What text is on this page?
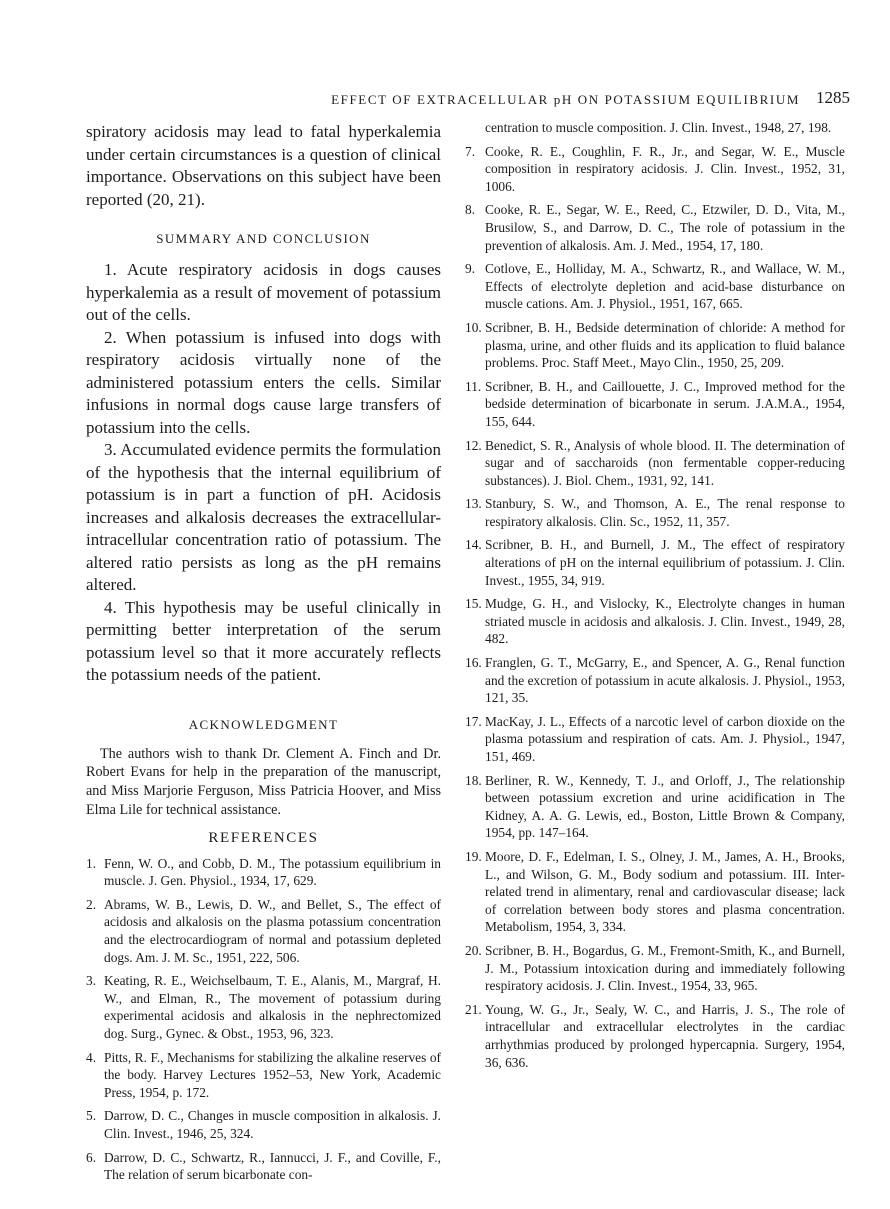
EFFECT OF EXTRACELLULAR pH ON POTASSIUM EQUILIBRIUM 1285

spiratory acidosis may lead to fatal hyperkalemia under certain circumstances is a question of clinical importance. Observations on this subject have been reported (20, 21).

SUMMARY AND CONCLUSION

1. Acute respiratory acidosis in dogs causes hyperkalemia as a result of movement of potassium out of the cells.

2. When potassium is infused into dogs with respiratory acidosis virtually none of the administered potassium enters the cells. Similar infusions in normal dogs cause large transfers of potassium into the cells.

3. Accumulated evidence permits the formulation of the hypothesis that the internal equilibrium of potassium is in part a function of pH. Acidosis increases and alkalosis decreases the extracellular-intracellular concentration ratio of potassium. The altered ratio persists as long as the pH remains altered.

4. This hypothesis may be useful clinically in permitting better interpretation of the serum potassium level so that it more accurately reflects the potassium needs of the patient.

ACKNOWLEDGMENT

The authors wish to thank Dr. Clement A. Finch and Dr. Robert Evans for help in the preparation of the manuscript, and Miss Marjorie Ferguson, Miss Patricia Hoover, and Miss Elma Lile for technical assistance.

REFERENCES
1. Fenn, W. O., and Cobb, D. M., The potassium equilibrium in muscle. J. Gen. Physiol., 1934, 17, 629.
2. Abrams, W. B., Lewis, D. W., and Bellet, S., The effect of acidosis and alkalosis on the plasma potassium concentration and the electrocardiogram of normal and potassium depleted dogs. Am. J. M. Sc., 1951, 222, 506.
3. Keating, R. E., Weichselbaum, T. E., Alanis, M., Margraf, H. W., and Elman, R., The movement of potassium during experimental acidosis and alkalosis in the nephrectomized dog. Surg., Gynec. & Obst., 1953, 96, 323.
4. Pitts, R. F., Mechanisms for stabilizing the alkaline reserves of the body. Harvey Lectures 1952–53, New York, Academic Press, 1954, p. 172.
5. Darrow, D. C., Changes in muscle composition in alkalosis. J. Clin. Invest., 1946, 25, 324.
6. Darrow, D. C., Schwartz, R., Iannucci, J. F., and Coville, F., The relation of serum bicarbonate con-
centration to muscle composition. J. Clin. Invest., 1948, 27, 198.
7. Cooke, R. E., Coughlin, F. R., Jr., and Segar, W. E., Muscle composition in respiratory acidosis. J. Clin. Invest., 1952, 31, 1006.
8. Cooke, R. E., Segar, W. E., Reed, C., Etzwiler, D. D., Vita, M., Brusilow, S., and Darrow, D. C., The role of potassium in the prevention of alkalosis. Am. J. Med., 1954, 17, 180.
9. Cotlove, E., Holliday, M. A., Schwartz, R., and Wallace, W. M., Effects of electrolyte depletion and acid-base disturbance on muscle cations. Am. J. Physiol., 1951, 167, 665.
10. Scribner, B. H., Bedside determination of chloride: A method for plasma, urine, and other fluids and its application to fluid balance problems. Proc. Staff Meet., Mayo Clin., 1950, 25, 209.
11. Scribner, B. H., and Caillouette, J. C., Improved method for the bedside determination of bicarbonate in serum. J.A.M.A., 1954, 155, 644.
12. Benedict, S. R., Analysis of whole blood. II. The determination of sugar and of saccharoids (non fermentable copper-reducing substances). J. Biol. Chem., 1931, 92, 141.
13. Stanbury, S. W., and Thomson, A. E., The renal response to respiratory alkalosis. Clin. Sc., 1952, 11, 357.
14. Scribner, B. H., and Burnell, J. M., The effect of respiratory alterations of pH on the internal equilibrium of potassium. J. Clin. Invest., 1955, 34, 919.
15. Mudge, G. H., and Vislocky, K., Electrolyte changes in human striated muscle in acidosis and alkalosis. J. Clin. Invest., 1949, 28, 482.
16. Franglen, G. T., McGarry, E., and Spencer, A. G., Renal function and the excretion of potassium in acute alkalosis. J. Physiol., 1953, 121, 35.
17. MacKay, J. L., Effects of a narcotic level of carbon dioxide on the plasma potassium and respiration of cats. Am. J. Physiol., 1947, 151, 469.
18. Berliner, R. W., Kennedy, T. J., and Orloff, J., The relationship between potassium excretion and urine acidification in The Kidney, A. A. G. Lewis, ed., Boston, Little Brown & Company, 1954, pp. 147–164.
19. Moore, D. F., Edelman, I. S., Olney, J. M., James, A. H., Brooks, L., and Wilson, G. M., Body sodium and potassium. III. Inter-related trend in alimentary, renal and cardiovascular disease; lack of correlation between body stores and plasma concentration. Metabolism, 1954, 3, 334.
20. Scribner, B. H., Bogardus, G. M., Fremont-Smith, K., and Burnell, J. M., Potassium intoxication during and immediately following respiratory acidosis. J. Clin. Invest., 1954, 33, 965.
21. Young, W. G., Jr., Sealy, W. C., and Harris, J. S., The role of intracellular and extracellular electrolytes in the cardiac arrhythmias produced by prolonged hypercapnia. Surgery, 1954, 36, 636.
